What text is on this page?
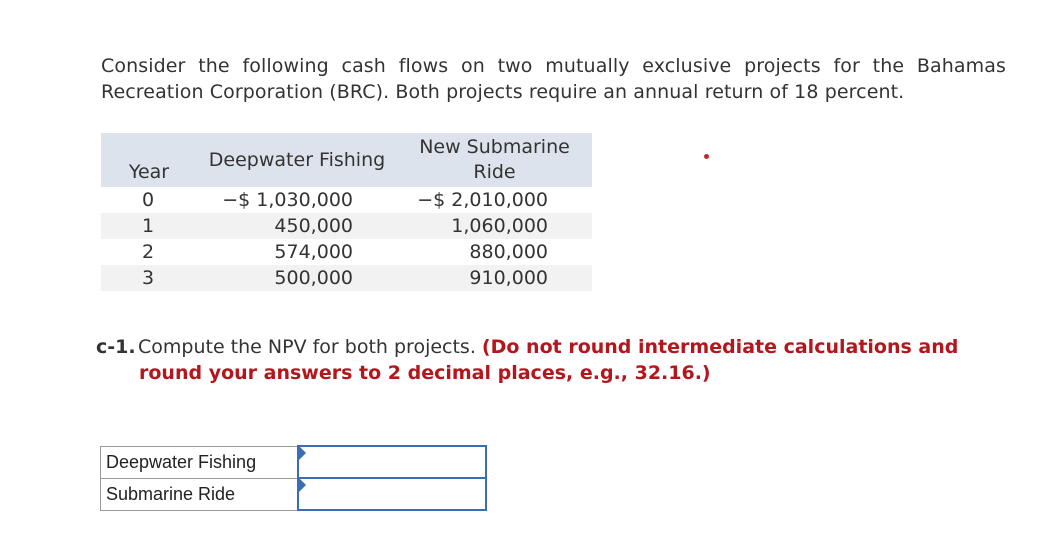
Consider the following cash flows on two mutually exclusive projects for the Bahamas Recreation Corporation (BRC). Both projects require an annual return of 18 percent.

Year	Deepwater Fishing	New Submarine
Ride
0	−$ 1,030,000	−$ 2,010,000
1	450,000	1,060,000
2	574,000	880,000
3	500,000	910,000
c-1. Compute the NPV for both projects. (Do not round intermediate calculations and
round your answers to 2 decimal places, e.g., 32.16.)
Deepwater Fishing	

Submarine Ride	
